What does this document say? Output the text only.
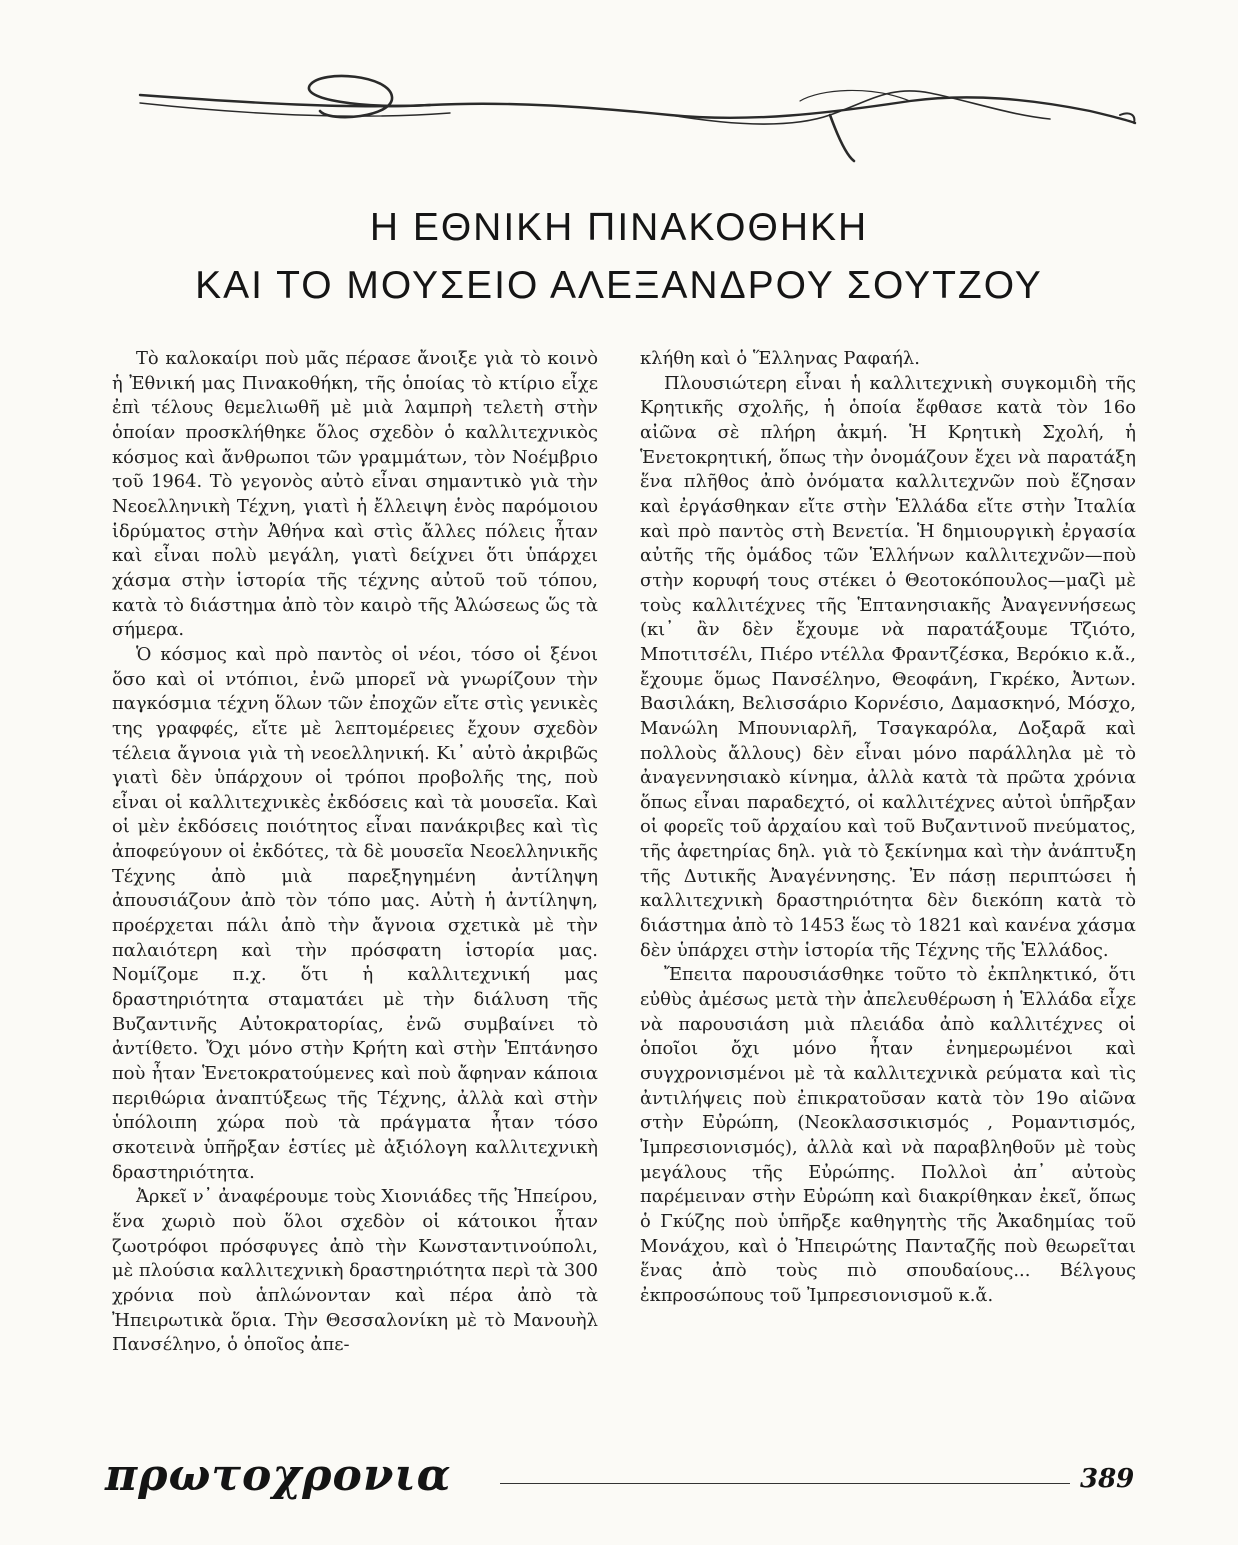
Η ΕΘΝΙΚΗ ΠΙΝΑΚΟΘΗΚΗ
ΚΑΙ ΤΟ ΜΟΥΣΕΙΟ ΑΛΕΞΑΝΔΡΟΥ ΣΟΥΤΖΟΥ

Τὸ καλοκαίρι ποὺ μᾶς πέρασε ἄνοιξε γιὰ τὸ κοινὸ ἡ Ἐθνική μας Πινακοθήκη, τῆς ὁποίας τὸ κτίριο εἶχε ἐπὶ τέλους θεμελιωθῆ μὲ μιὰ λαμπρὴ τελετὴ στὴν ὁποίαν προσκλήθηκε ὅλος σχεδὸν ὁ καλλιτεχνικὸς κόσμος καὶ ἄνθρωποι τῶν γραμμάτων, τὸν Νοέμβριο τοῦ 1964. Τὸ γεγονὸς αὐτὸ εἶναι σημαντικὸ γιὰ τὴν Νεοελληνικὴ Τέχνη, γιατὶ ἡ ἔλλειψη ἑνὸς παρόμοιου ἱδρύματος στὴν Ἀθήνα καὶ στὶς ἄλλες πόλεις ἦταν καὶ εἶναι πολὺ μεγάλη, γιατὶ δείχνει ὅτι ὑπάρχει χάσμα στὴν ἱστορία τῆς τέχνης αὐτοῦ τοῦ τόπου, κατὰ τὸ διάστημα ἀπὸ τὸν καιρὸ τῆς Ἁλώσεως ὥς τὰ σήμερα.

Ὁ κόσμος καὶ πρὸ παντὸς οἱ νέοι, τόσο οἱ ξένοι ὅσο καὶ οἱ ντόπιοι, ἐνῶ μπορεῖ νὰ γνωρίζουν τὴν παγκόσμια τέχνη ὅλων τῶν ἐποχῶν εἴτε στὶς γενικὲς της γραφφές, εἴτε μὲ λεπτομέρειες ἔχουν σχεδὸν τέλεια ἄγνοια γιὰ τὴ νεοελληνική. Κι᾽ αὐτὸ ἀκριβῶς γιατὶ δὲν ὑπάρχουν οἱ τρόποι προβολῆς της, ποὺ εἶναι οἱ καλλιτεχνικὲς ἐκδόσεις καὶ τὰ μουσεῖα. Καὶ οἱ μὲν ἐκδόσεις ποιότητος εἶναι πανάκριβες καὶ τὶς ἀποφεύγουν οἱ ἐκδότες, τὰ δὲ μουσεῖα Νεοελληνικῆς Τέχνης ἀπὸ μιὰ παρεξηγημένη ἀντίληψη ἀπουσιάζουν ἀπὸ τὸν τόπο μας. Αὐτὴ ἡ ἀντίληψη, προέρχεται πάλι ἀπὸ τὴν ἄγνοια σχετικὰ μὲ τὴν παλαιότερη καὶ τὴν πρόσφατη ἱστορία μας. Νομίζομε π.χ. ὅτι ἡ καλλιτεχνική μας δραστηριότητα σταματάει μὲ τὴν διάλυση τῆς Βυζαντινῆς Αὐτοκρατορίας, ἐνῶ συμβαίνει τὸ ἀντίθετο. Ὄχι μόνο στὴν Κρήτη καὶ στὴν Ἑπτάνησο ποὺ ἦταν Ἑνετοκρατούμενες καὶ ποὺ ἄφηναν κάποια περιθώρια ἀναπτύξεως τῆς Τέχνης, ἀλλὰ καὶ στὴν ὑπόλοιπη χώρα ποὺ τὰ πράγματα ἦταν τόσο σκοτεινὰ ὑπῆρξαν ἑστίες μὲ ἀξιόλογη καλλιτεχνικὴ δραστηριότητα.

Ἀρκεῖ ν᾽ ἀναφέρουμε τοὺς Χιονιάδες τῆς Ἠπείρου, ἕνα χωριὸ ποὺ ὅλοι σχεδὸν οἱ κάτοικοι ἦταν ζωοτρόφοι πρόσφυγες ἀπὸ τὴν Κωνσταντινούπολι, μὲ πλούσια καλλιτεχνικὴ δραστηριότητα περὶ τὰ 300 χρόνια ποὺ ἁπλώνονταν καὶ πέρα ἀπὸ τὰ Ἠπειρωτικὰ ὅρια. Τὴν Θεσσαλονίκη μὲ τὸ Μανουὴλ Πανσέληνο, ὁ ὁποῖος ἀπε-

κλήθη καὶ ὁ Ἕλληνας Ραφαήλ.

Πλουσιώτερη εἶναι ἡ καλλιτεχνικὴ συγκομιδὴ τῆς Κρητικῆς σχολῆς, ἡ ὁποία ἔφθασε κατὰ τὸν 16ο αἰῶνα σὲ πλήρη ἀκμή. Ἡ Κρητικὴ Σχολή, ἡ Ἑνετοκρητική, ὅπως τὴν ὀνομάζουν ἔχει νὰ παρατάξη ἕνα πλῆθος ἀπὸ ὀνόματα καλλιτεχνῶν ποὺ ἔζησαν καὶ ἐργάσθηκαν εἴτε στὴν Ἑλλάδα εἴτε στὴν Ἰταλία καὶ πρὸ παντὸς στὴ Βενετία. Ἡ δημιουργικὴ ἐργασία αὐτῆς τῆς ὁμάδος τῶν Ἑλλήνων καλλιτεχνῶν—ποὺ στὴν κορυφή τους στέκει ὁ Θεοτοκόπουλος—μαζὶ μὲ τοὺς καλλιτέχνες τῆς Ἑπτανησιακῆς Ἀναγεννήσεως (κι᾽ ἂν δὲν ἔχουμε νὰ παρατάξουμε Τζιότο, Μποτιτσέλι, Πιέρο ντέλλα Φραντζέσκα, Βερόκιο κ.ἄ., ἔχουμε ὅμως Πανσέληνο, Θεοφάνη, Γκρέκο, Ἀντων. Βασιλάκη, Βελισσάριο Κορνέσιο, Δαμασκηνό, Μόσχο, Μανώλη Μπουνιαρλῆ, Τσαγκαρόλα, Δοξαρᾶ καὶ πολλοὺς ἄλλους) δὲν εἶναι μόνο παράλληλα μὲ τὸ ἀναγεννησιακὸ κίνημα, ἀλλὰ κατὰ τὰ πρῶτα χρόνια ὅπως εἶναι παραδεχτό, οἱ καλλιτέχνες αὐτοὶ ὑπῆρξαν οἱ φορεῖς τοῦ ἀρχαίου καὶ τοῦ Βυζαντινοῦ πνεύματος, τῆς ἀφετηρίας δηλ. γιὰ τὸ ξεκίνημα καὶ τὴν ἀνάπτυξη τῆς Δυτικῆς Ἀναγέννησης. Ἐν πάσῃ περιπτώσει ἡ καλλιτεχνικὴ δραστηριότητα δὲν διεκόπη κατὰ τὸ διάστημα ἀπὸ τὸ 1453 ἕως τὸ 1821 καὶ κανένα χάσμα δὲν ὑπάρχει στὴν ἱστορία τῆς Τέχνης τῆς Ἑλλάδος.

Ἔπειτα παρουσιάσθηκε τοῦτο τὸ ἐκπληκτικό, ὅτι εὐθὺς ἀμέσως μετὰ τὴν ἀπελευθέρωση ἡ Ἑλλάδα εἶχε νὰ παρουσιάση μιὰ πλειάδα ἀπὸ καλλιτέχνες οἱ ὁποῖοι ὄχι μόνο ἦταν ἐνημερωμένοι καὶ συγχρονισμένοι μὲ τὰ καλλιτεχνικὰ ρεύματα καὶ τὶς ἀντιλήψεις ποὺ ἐπικρατοῦσαν κατὰ τὸν 19ο αἰῶνα στὴν Εὐρώπη, (Νεοκλασσικισμός , Ρομαντισμός, Ἰμπρεσιονισμός), ἀλλὰ καὶ νὰ παραβληθοῦν μὲ τοὺς μεγάλους τῆς Εὐρώπης. Πολλοὶ ἀπ᾽ αὐτοὺς παρέμειναν στὴν Εὐρώπη καὶ διακρίθηκαν ἐκεῖ, ὅπως ὁ Γκύζης ποὺ ὑπῆρξε καθηγητὴς τῆς Ἀκαδημίας τοῦ Μονάχου, καὶ ὁ Ἠπειρώτης Πανταζῆς ποὺ θεωρεῖται ἕνας ἀπὸ τοὺς πιὸ σπουδαίους... Βέλγους ἐκπροσώπους τοῦ Ἰμπρεσιονισμοῦ κ.ἄ.

πρωτοχρονια	389
